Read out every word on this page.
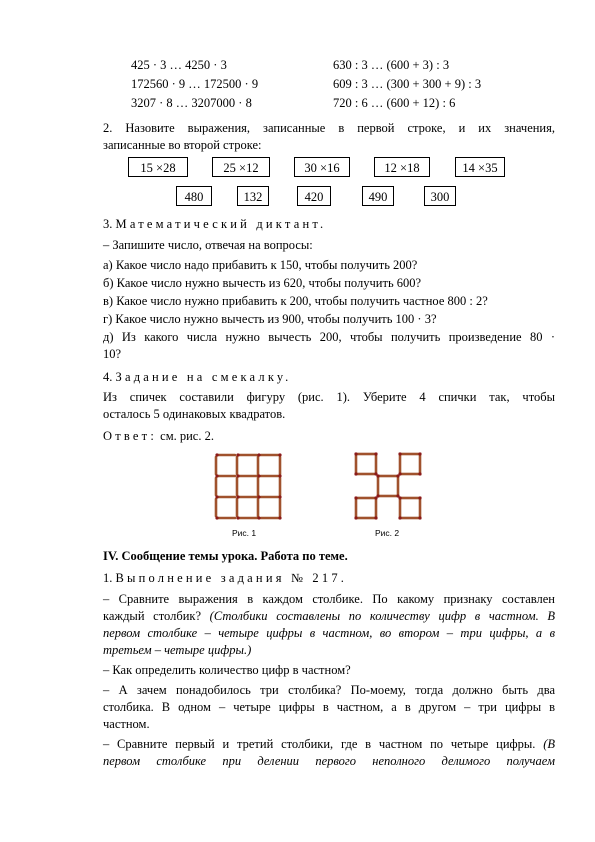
425 · 3 … 4250 · 3	630 : 3 … (600 + 3) : 3
172560 · 9 … 172500 · 9	609 : 3 … (300 + 300 + 9) : 3
3207 · 8 … 3207000 · 8	720 : 6 … (600 + 12) : 6
2. Назовите выражения, записанные в первой строке, и их значения,
записанные во второй строке:
15 ×28	25 ×12	30 ×16	12 ×18	14 ×35
480	132	420	490	300
3. Математический диктант.
– Запишите число, отвечая на вопросы:
а) Какое число надо прибавить к 150, чтобы получить 200?
б) Какое число нужно вычесть из 620, чтобы получить 600?
в) Какое число нужно прибавить к 200, чтобы получить частное 800 : 2?
г) Какое число нужно вычесть из 900, чтобы получить 100 · 3?
д) Из какого числа нужно вычесть 200, чтобы получить произведение 80 ·
10?
4. Задание на смекалку.
Из спичек составили фигуру (рис. 1). Уберите 4 спички так, чтобы
осталось 5 одинаковых квадратов.
Ответ: см. рис. 2.
Рис. 1	Рис. 2
IV. Сообщение темы урока. Работа по теме.
1. Выполнение задания № 217.
– Сравните выражения в каждом столбике. По какому признаку составлен
каждый столбик? (Столбики составлены по количеству цифр в частном. В
первом столбике – четыре цифры в частном, во втором – три цифры, а в
третьем – четыре цифры.)
– Как определить количество цифр в частном?
– А зачем понадобилось три столбика? По-моему, тогда должно быть два
столбика. В одном – четыре цифры в частном, а в другом – три цифры в
частном.
– Сравните первый и третий столбики, где в частном по четыре цифры. (В
первом столбике при делении первого неполного делимого получаем
